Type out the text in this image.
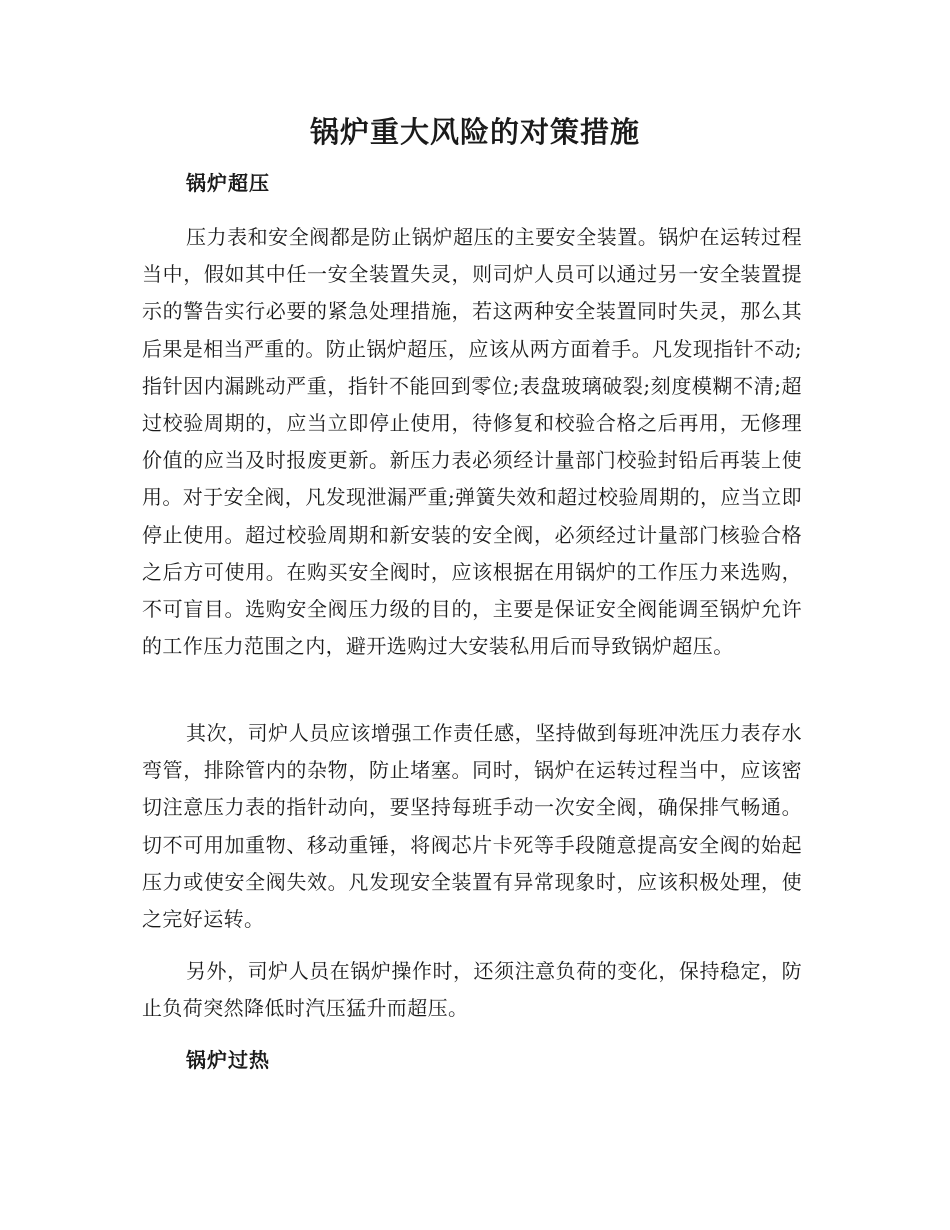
锅炉重大风险的对策措施
锅炉超压

压力表和安全阀都是防止锅炉超压的主要安全装置。锅炉在运转过程当中，假如其中任一安全装置失灵，则司炉人员可以通过另一安全装置提示的警告实行必要的紧急处理措施，若这两种安全装置同时失灵，那么其后果是相当严重的。防止锅炉超压，应该从两方面着手。凡发现指针不动;指针因内漏跳动严重，指针不能回到零位;表盘玻璃破裂;刻度模糊不清;超过校验周期的，应当立即停止使用，待修复和校验合格之后再用，无修理价值的应当及时报废更新。新压力表必须经计量部门校验封铅后再装上使用。对于安全阀，凡发现泄漏严重;弹簧失效和超过校验周期的，应当立即停止使用。超过校验周期和新安装的安全阀，必须经过计量部门核验合格之后方可使用。在购买安全阀时，应该根据在用锅炉的工作压力来选购，不可盲目。选购安全阀压力级的目的，主要是保证安全阀能调至锅炉允许的工作压力范围之内，避开选购过大安装私用后而导致锅炉超压。

其次，司炉人员应该增强工作责任感，坚持做到每班冲洗压力表存水弯管，排除管内的杂物，防止堵塞。同时，锅炉在运转过程当中，应该密切注意压力表的指针动向，要坚持每班手动一次安全阀，确保排气畅通。切不可用加重物、移动重锤，将阀芯片卡死等手段随意提高安全阀的始起压力或使安全阀失效。凡发现安全装置有异常现象时，应该积极处理，使之完好运转。

另外，司炉人员在锅炉操作时，还须注意负荷的变化，保持稳定，防止负荷突然降低时汽压猛升而超压。

锅炉过热
